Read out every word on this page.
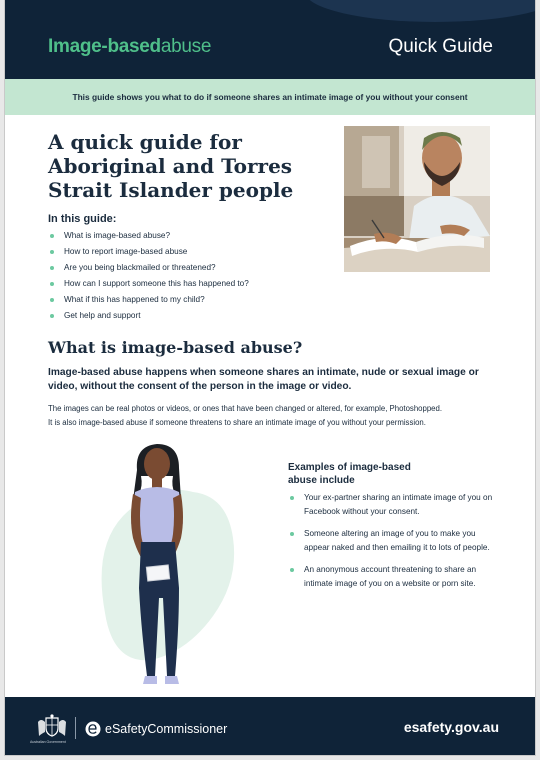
Image-basedabuse	Quick Guide
This guide shows you what to do if someone shares an intimate image of you without your consent
A quick guide for Aboriginal and Torres Strait Islander people
In this guide:
What is image-based abuse?
How to report image-based abuse
Are you being blackmailed or threatened?
How can I support someone this has happened to?
What if this has happened to my child?
Get help and support
What is image-based abuse?

Image-based abuse happens when someone shares an intimate, nude or sexual image or video, without the consent of the person in the image or video.

The images can be real photos or videos, or ones that have been changed or altered, for example, Photoshopped.
It is also image-based abuse if someone threatens to share an intimate image of you without your permission.
Examples of image-based abuse include
Your ex-partner sharing an intimate image of you on Facebook without your consent.
Someone altering an image of you to make you appear naked and then emailing it to lots of people.
An anonymous account threatening to share an intimate image of you on a website or porn site.
Australian Government
eSafetyCommissioner	esafety.gov.au
